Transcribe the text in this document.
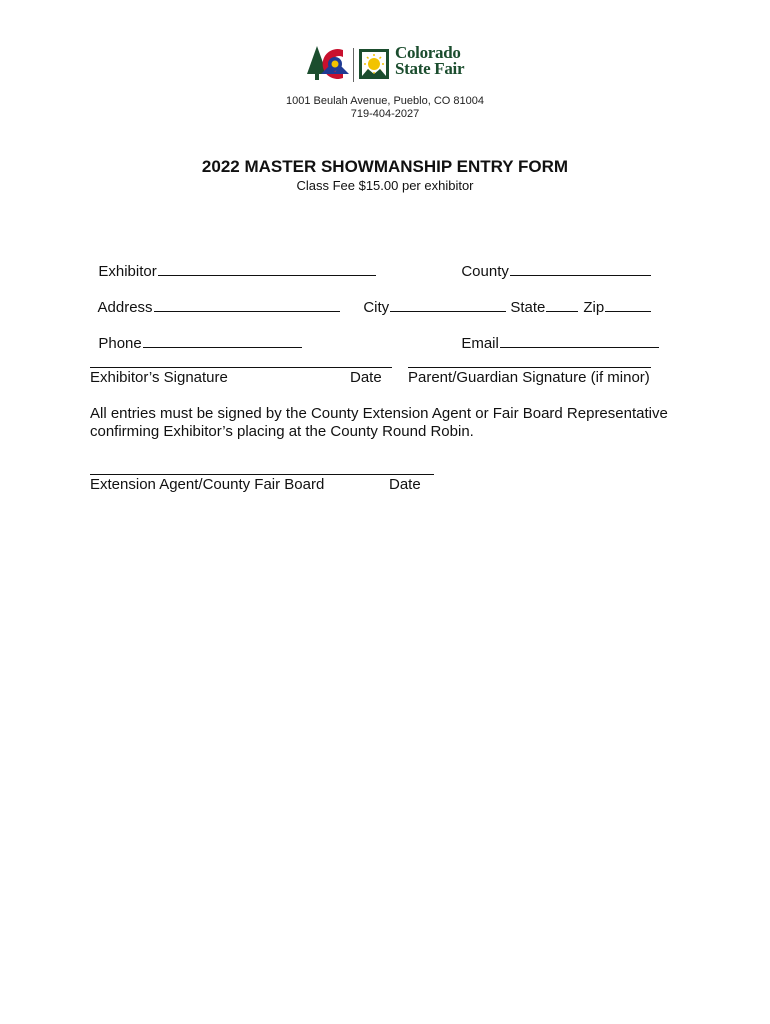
Colorado
State Fair
1001 Beulah Avenue, Pueblo, CO 81004
719-404-2027
2022 MASTER SHOWMANSHIP ENTRY FORM
Class Fee $15.00 per exhibitor

Exhibitor	County

Address	City	State	Zip

Phone	Email

Exhibitor’s Signature	Date Parent/Guardian Signature (if minor)
All entries must be signed by the County Extension Agent or Fair Board Representative confirming Exhibitor’s placing at the County Round Robin.
Extension Agent/County Fair Board	Date
